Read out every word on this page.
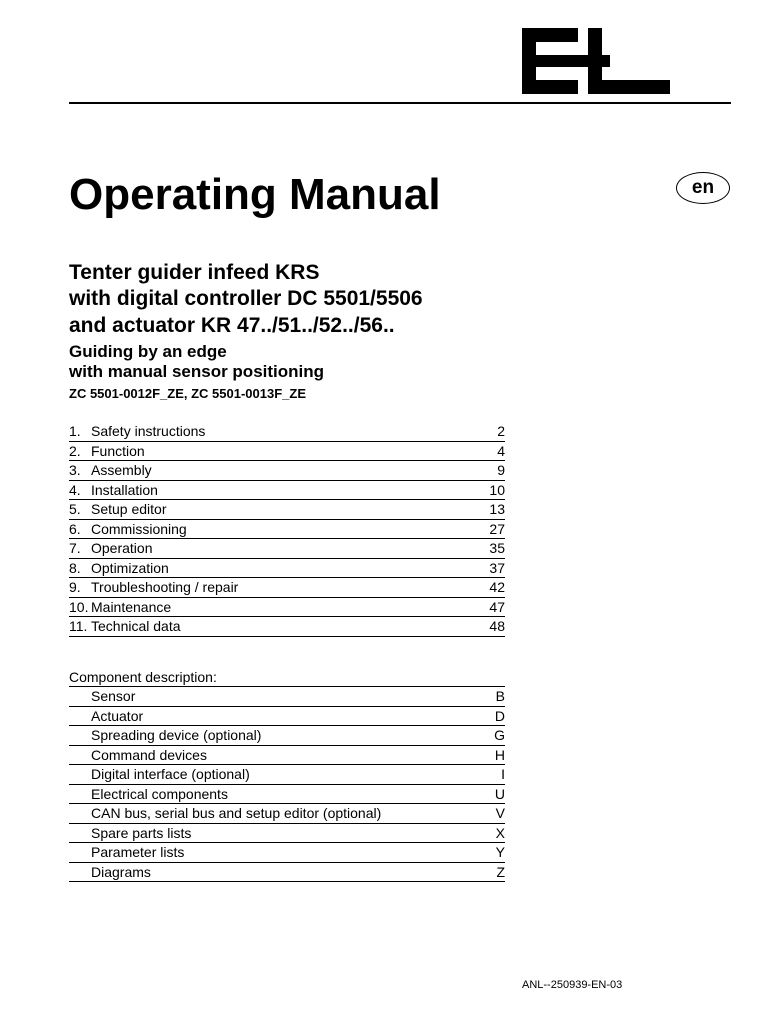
Operating Manual	en

Tenter guider infeed KRS

with digital controller DC 5501/5506

and actuator KR 47../51../52../56..

Guiding by an edge

with manual sensor positioning

ZC 5501-0012F_ZE, ZC 5501-0013F_ZE

1. Safety instructions	2
2. Function	4
3. Assembly	9
4. Installation	10
5. Setup editor	13
6. Commissioning	27
7. Operation	35
8. Optimization	37
9. Troubleshooting / repair	42
10. Maintenance	47
11. Technical data	48
Component description:
Sensor	B
Actuator	D
Spreading device (optional)	G
Command devices	H
Digital interface (optional)	I
Electrical components	U
CAN bus, serial bus and setup editor (optional)	V
Spare parts lists	X
Parameter lists	Y
Diagrams	Z
ANL--250939-EN-03
